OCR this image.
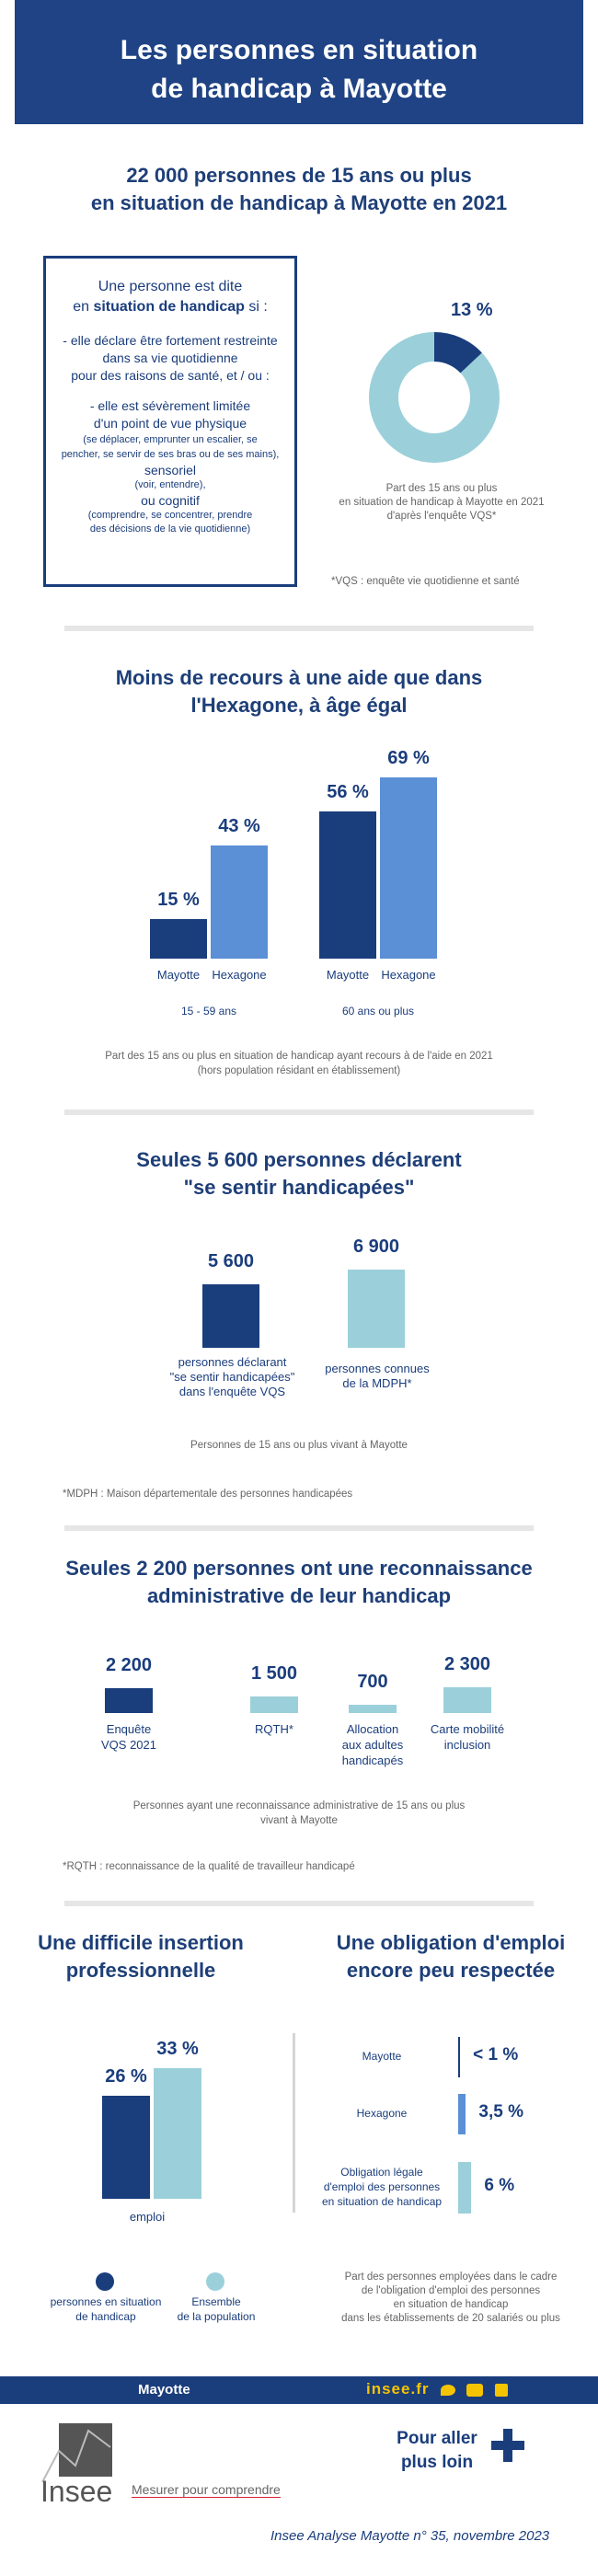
Les personnes en situation
de handicap à Mayotte
22 000 personnes de 15 ans ou plus
en situation de handicap à Mayotte en 2021
Une personne est dite
en situation de handicap si :
- elle déclare être fortement restreinte
dans sa vie quotidienne
pour des raisons de santé, et / ou :
- elle est sévèrement limitée
d'un point de vue physique
(se déplacer, emprunter un escalier, se
pencher, se servir de ses bras ou de ses mains),
sensoriel
(voir, entendre),
ou cognitif
(comprendre, se concentrer, prendre
des décisions de la vie quotidienne)
13 %
Part des 15 ans ou plus
en situation de handicap à Mayotte en 2021
d'après l'enquête VQS*
*VQS : enquête vie quotidienne et santé
Moins de recours à une aide que dans
l'Hexagone, à âge égal
Part des 15 ans ou plus en situation de handicap ayant recours à de l'aide en 2021
(hors population résidant en établissement)
Seules 5 600 personnes déclarent
"se sentir handicapées"
personnes déclarant
"se sentir handicapées"
dans l'enquête VQS
personnes connues
de la MDPH*
Personnes de 15 ans ou plus vivant à Mayotte
*MDPH : Maison départementale des personnes handicapées
Seules 2 200 personnes ont une reconnaissance
administrative de leur handicap
Personnes ayant une reconnaissance administrative de 15 ans ou plus
vivant à Mayotte
*RQTH : reconnaissance de la qualité de travailleur handicapé
Une difficile insertion
professionnelle
Une obligation d'emploi
encore peu respectée
emploi
personnes en situation
de handicap
Ensemble
de la population
Part des personnes employées dans le cadre
de l'obligation d'emploi des personnes
en situation de handicap
dans les établissements de 20 salariés ou plus
Mayotte	insee.fr
Insee Mesurer pour comprendre
Pour aller
plus loin
Insee Analyse Mayotte n° 35, novembre 2023
15 %
Mayotte
43 %
Hexagone
15 - 59 ans
56 %
Mayotte
69 %
Hexagone
60 ans ou plus
5 600
6 900
2 200
Enquête
VQS 2021
1 500
RQTH*
700
Allocation
aux adultes
handicapés
2 300
Carte mobilité
inclusion
26 %
33 %	< 1 %
Mayotte
3,5 %
Hexagone
6 %
Obligation légale
d'emploi des personnes
en situation de handicap
